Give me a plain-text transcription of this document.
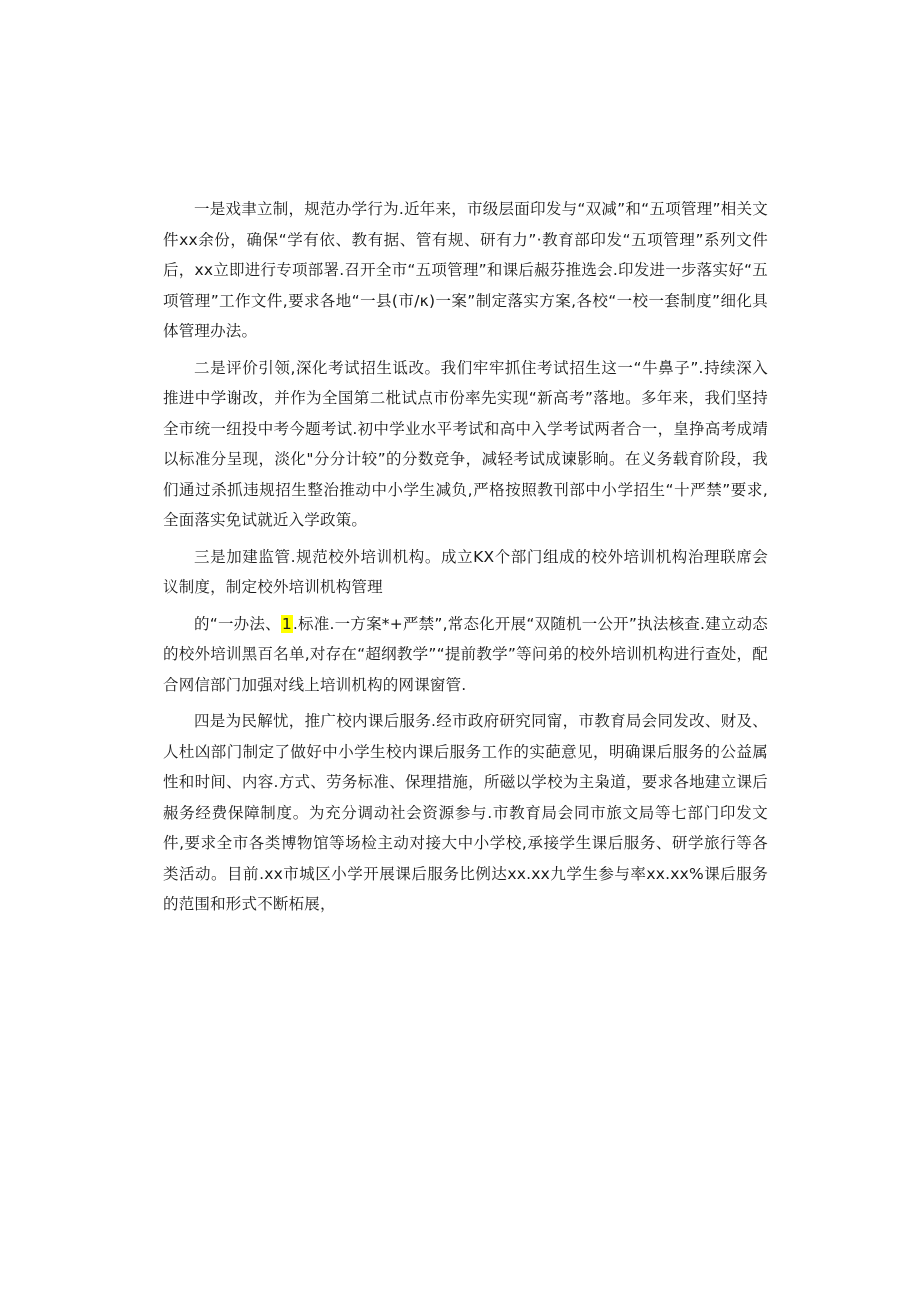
一是戏聿立制，规范办学行为.近年来，市级层面印发与“双减”和“五项管理”相关文件xx余份，确保“学有依、教有据、管有规、研有力”·教育部印发“五项管理”系列文件后，xx立即进行专项部署.召开全市“五项管理”和课后赧芬推选会.印发进一步落实好“五项管理”工作文件,要求各地“一县(市/κ)一案”制定落实方案,各校“一校一套制度”细化具体管理办法。

二是评价引领,深化考试招生诋改。我们牢牢抓住考试招生这一“牛鼻子”.持续深入推进中学谢改，并作为全国第二枇试点市份率先实现“新高考”落地。多年来，我们坚持全市统一纽投中考今题考试.初中学业水平考试和高中入学考试两者合一，皇挣高考成靖以标准分呈现，淡化"分分计较”的分数竞争，减轻考试成谏影晌。在义务载育阶段，我们通过杀抓违规招生整治推动中小学生减负,严格按照教刊部中小学招生“十严禁”要求,全面落实免试就近入学政策。

三是加建监管.规范校外培训机构。成立KX个部门组成的校外培训机构治理联席会议制度，制定校外培训机构管理

的“一办法、1.标准.一方案*+严禁”,常态化开展“双随机一公开”执法核查.建立动态的校外培训黑百名单,对存在“超纲教学”“提前教学”等问弟的校外培训机构进行查处，配合网信部门加强对线上培训机构的网课窗管.

四是为民解忧，推广校内课后服务.经市政府研究同甯，市教育局会同发改、财及、人杜凶部门制定了做好中小学生校内课后服务工作的实葩意见，明确课后服务的公益属性和时间、内容.方式、劳务标准、保理措施，所磁以学校为主枭道，要求各地建立课后赧务经费保障制度。为充分调动社会资源参与.市教育局会同市旅文局等七部门印发文件,要求全市各类博物馆等场检主动对接大中小学校,承接学生课后服务、研学旅行等各类活动。目前.xx市城区小学开展课后服务比例达xx.xx九学生参与率xx.xx%课后服务的范围和形式不断柘展，
